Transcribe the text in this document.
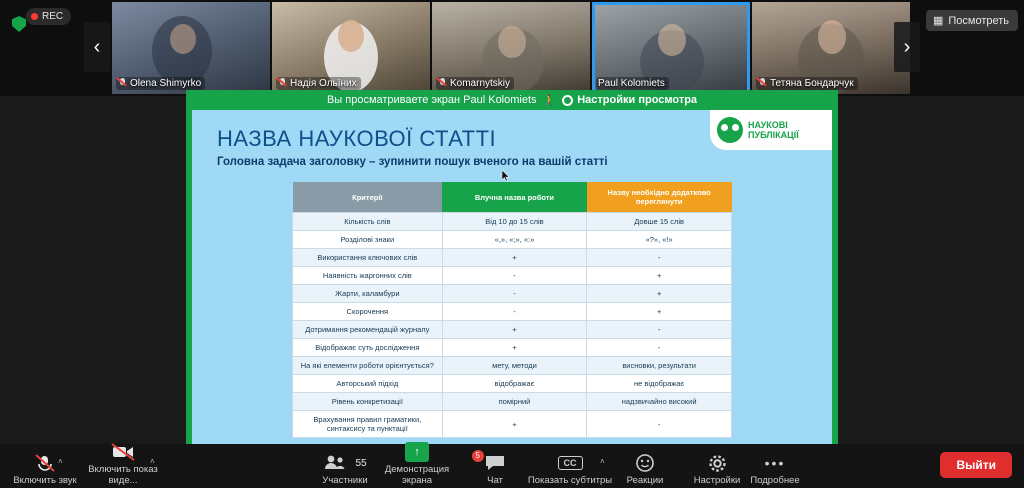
REC
‹
Olena Shimyrko	Надія Ольїних	Komarnytskiy	Paul Kolomiets	Тетяна Бондарчук
›
▦ Посмотреть
Вы просматриваете экран Paul Kolomiets 🚶 Настройки просмотра
НАУКОВІ
ПУБЛІКАЦІЇ
НАЗВА НАУКОВОЇ СТАТТІ
Головна задача заголовку – зупинити пошук вченого на вашій статті
Критерії	Влучна назва роботи	Назву необхідно додатково переглянути
Кількість слів	Від 10 до 15 слів	Довше 15 слів
Розділові знаки	«,», «;», «:»	«?», «!»
Використання ключових слів	+	-
Наявність жаргонних слів	-	+
Жарти, каламбури	-	+
Скорочення	-	+
Дотримання рекомендацій журналу	+	-
Відображає суть дослідження	+	-
На які елементи роботи орієнтується?	мету, методи	висновки, результати
Авторський підхід	відображає	не відображає
Рівень конкретизації	помірний	надзвичайно високий
Врахування правил граматики, синтаксису та пунктації	+	-
Включить звук
˄
Включить показ виде...
˄	55
Участники
↑
Демонстрация экрана
5
Чат
CC
Показать субтитры
˄
Реакции	Настройки
•••
Подробнее
Выйти
